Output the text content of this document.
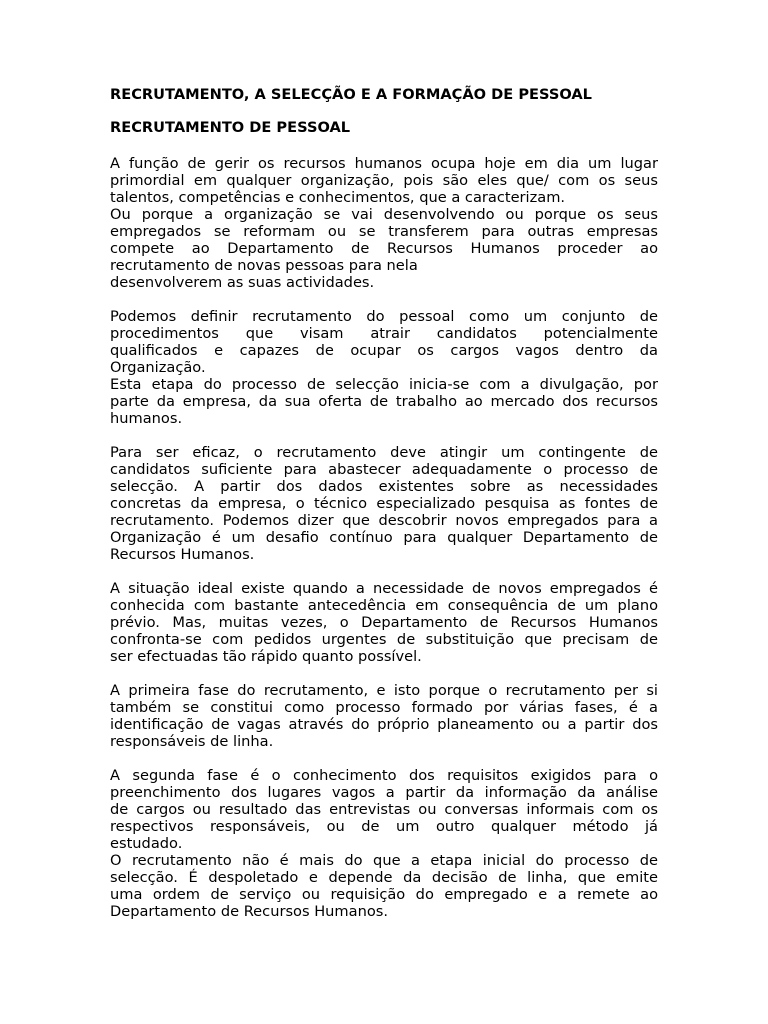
RECRUTAMENTO, A SELECÇÃO E A FORMAÇÃO DE PESSOAL
RECRUTAMENTO DE PESSOAL
A função de gerir os recursos humanos ocupa hoje em dia um lugar
primordial em qualquer organização, pois são eles que/ com os seus
talentos, competências e conhecimentos, que a caracterizam.
Ou porque a organização se vai desenvolvendo ou porque os seus
empregados se reformam ou se transferem para outras empresas
compete ao Departamento de Recursos Humanos proceder ao
recrutamento de novas pessoas para nela
desenvolverem as suas actividades.
Podemos definir recrutamento do pessoal como um conjunto de
procedimentos que visam atrair candidatos potencialmente
qualificados e capazes de ocupar os cargos vagos dentro da
Organização.
Esta etapa do processo de selecção inicia-se com a divulgação, por
parte da empresa, da sua oferta de trabalho ao mercado dos recursos
humanos.
Para ser eficaz, o recrutamento deve atingir um contingente de
candidatos suficiente para abastecer adequadamente o processo de
selecção. A partir dos dados existentes sobre as necessidades
concretas da empresa, o técnico especializado pesquisa as fontes de
recrutamento. Podemos dizer que descobrir novos empregados para a
Organização é um desafio contínuo para qualquer Departamento de
Recursos Humanos.
A situação ideal existe quando a necessidade de novos empregados é
conhecida com bastante antecedência em consequência de um plano
prévio. Mas, muitas vezes, o Departamento de Recursos Humanos
confronta-se com pedidos urgentes de substituição que precisam de
ser efectuadas tão rápido quanto possível.
A primeira fase do recrutamento, e isto porque o recrutamento per si
também se constitui como processo formado por várias fases, é a
identificação de vagas através do próprio planeamento ou a partir dos
responsáveis de linha.
A segunda fase é o conhecimento dos requisitos exigidos para o
preenchimento dos lugares vagos a partir da informação da análise
de cargos ou resultado das entrevistas ou conversas informais com os
respectivos responsáveis, ou de um outro qualquer método já
estudado.
O recrutamento não é mais do que a etapa inicial do processo de
selecção. É despoletado e depende da decisão de linha, que emite
uma ordem de serviço ou requisição do empregado e a remete ao
Departamento de Recursos Humanos.
